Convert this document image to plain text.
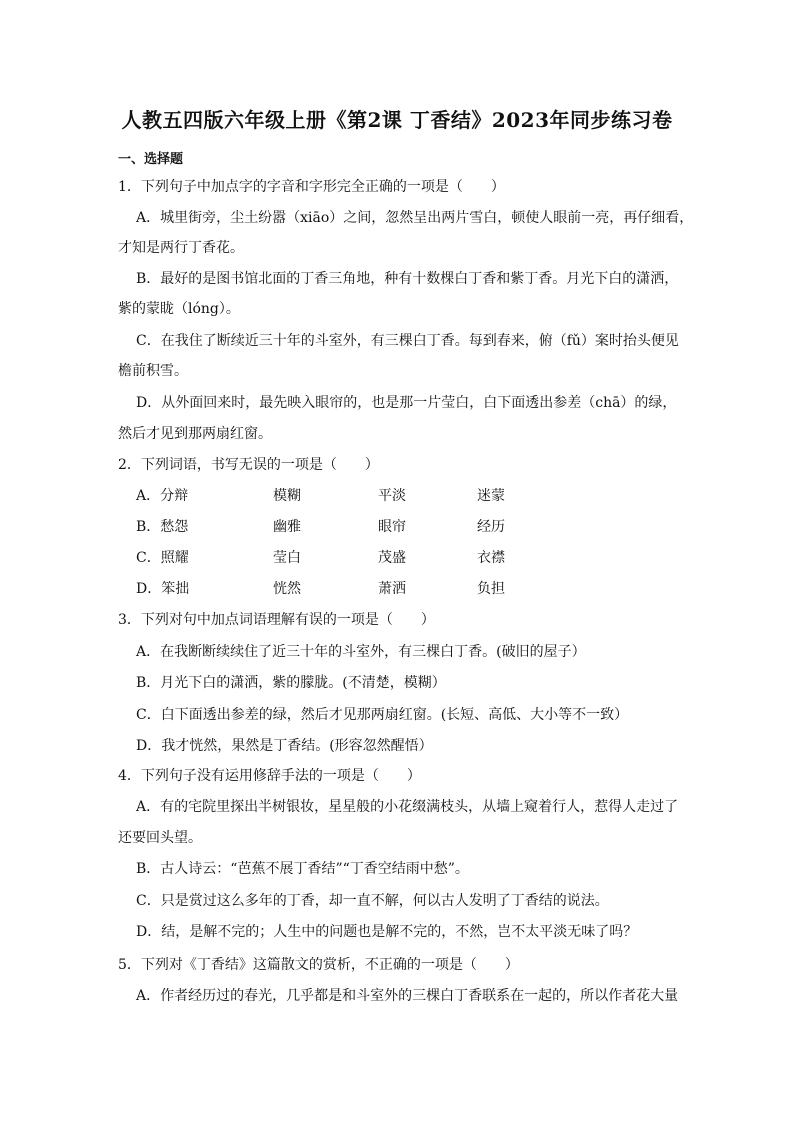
人教五四版六年级上册《第2课 丁香结》2023年同步练习卷
一、选择题
1．下列句子中加点字的字音和字形完全正确的一项是（　　）
A．城里街旁，尘土纷嚣（xiāo）之间，忽然呈出两片雪白，顿使人眼前一亮，再仔细看，
才知是两行丁香花。
B．最好的是图书馆北面的丁香三角地，种有十数棵白丁香和紫丁香。月光下白的潇洒，
紫的蒙眬（lóng）。
C．在我住了断续近三十年的斗室外，有三棵白丁香。每到春来，俯（fǔ）案时抬头便见
檐前积雪。
D．从外面回来时，最先映入眼帘的，也是那一片莹白，白下面透出参差（chā）的绿，
然后才见到那两扇红窗。
2．下列词语，书写无误的一项是（　　）
A．分辩	模糊	平淡	迷蒙
B．愁怨	幽雅	眼帘	经历
C．照耀	莹白	茂盛	衣襟
D．笨拙	恍然	萧洒	负担
3．下列对句中加点词语理解有误的一项是（　　）
A．在我断断续续住了近三十年的斗室外，有三棵白丁香。(破旧的屋子）
B．月光下白的潇洒，紫的朦胧。(不清楚，模糊）
C．白下面透出参差的绿，然后才见那两扇红窗。(长短、高低、大小等不一致）
D．我才恍然，果然是丁香结。(形容忽然醒悟）
4．下列句子没有运用修辞手法的一项是（　　）
A．有的宅院里探出半树银妆，星星般的小花缀满枝头，从墙上窥着行人，惹得人走过了
还要回头望。
B．古人诗云：“芭蕉不展丁香结”“丁香空结雨中愁”。
C．只是赏过这么多年的丁香，却一直不解，何以古人发明了丁香结的说法。
D．结，是解不完的；人生中的问题也是解不完的，不然，岂不太平淡无味了吗？
5．下列对《丁香结》这篇散文的赏析，不正确的一项是（　　）
A．作者经历过的春光，几乎都是和斗室外的三棵白丁香联系在一起的，所以作者花大量
